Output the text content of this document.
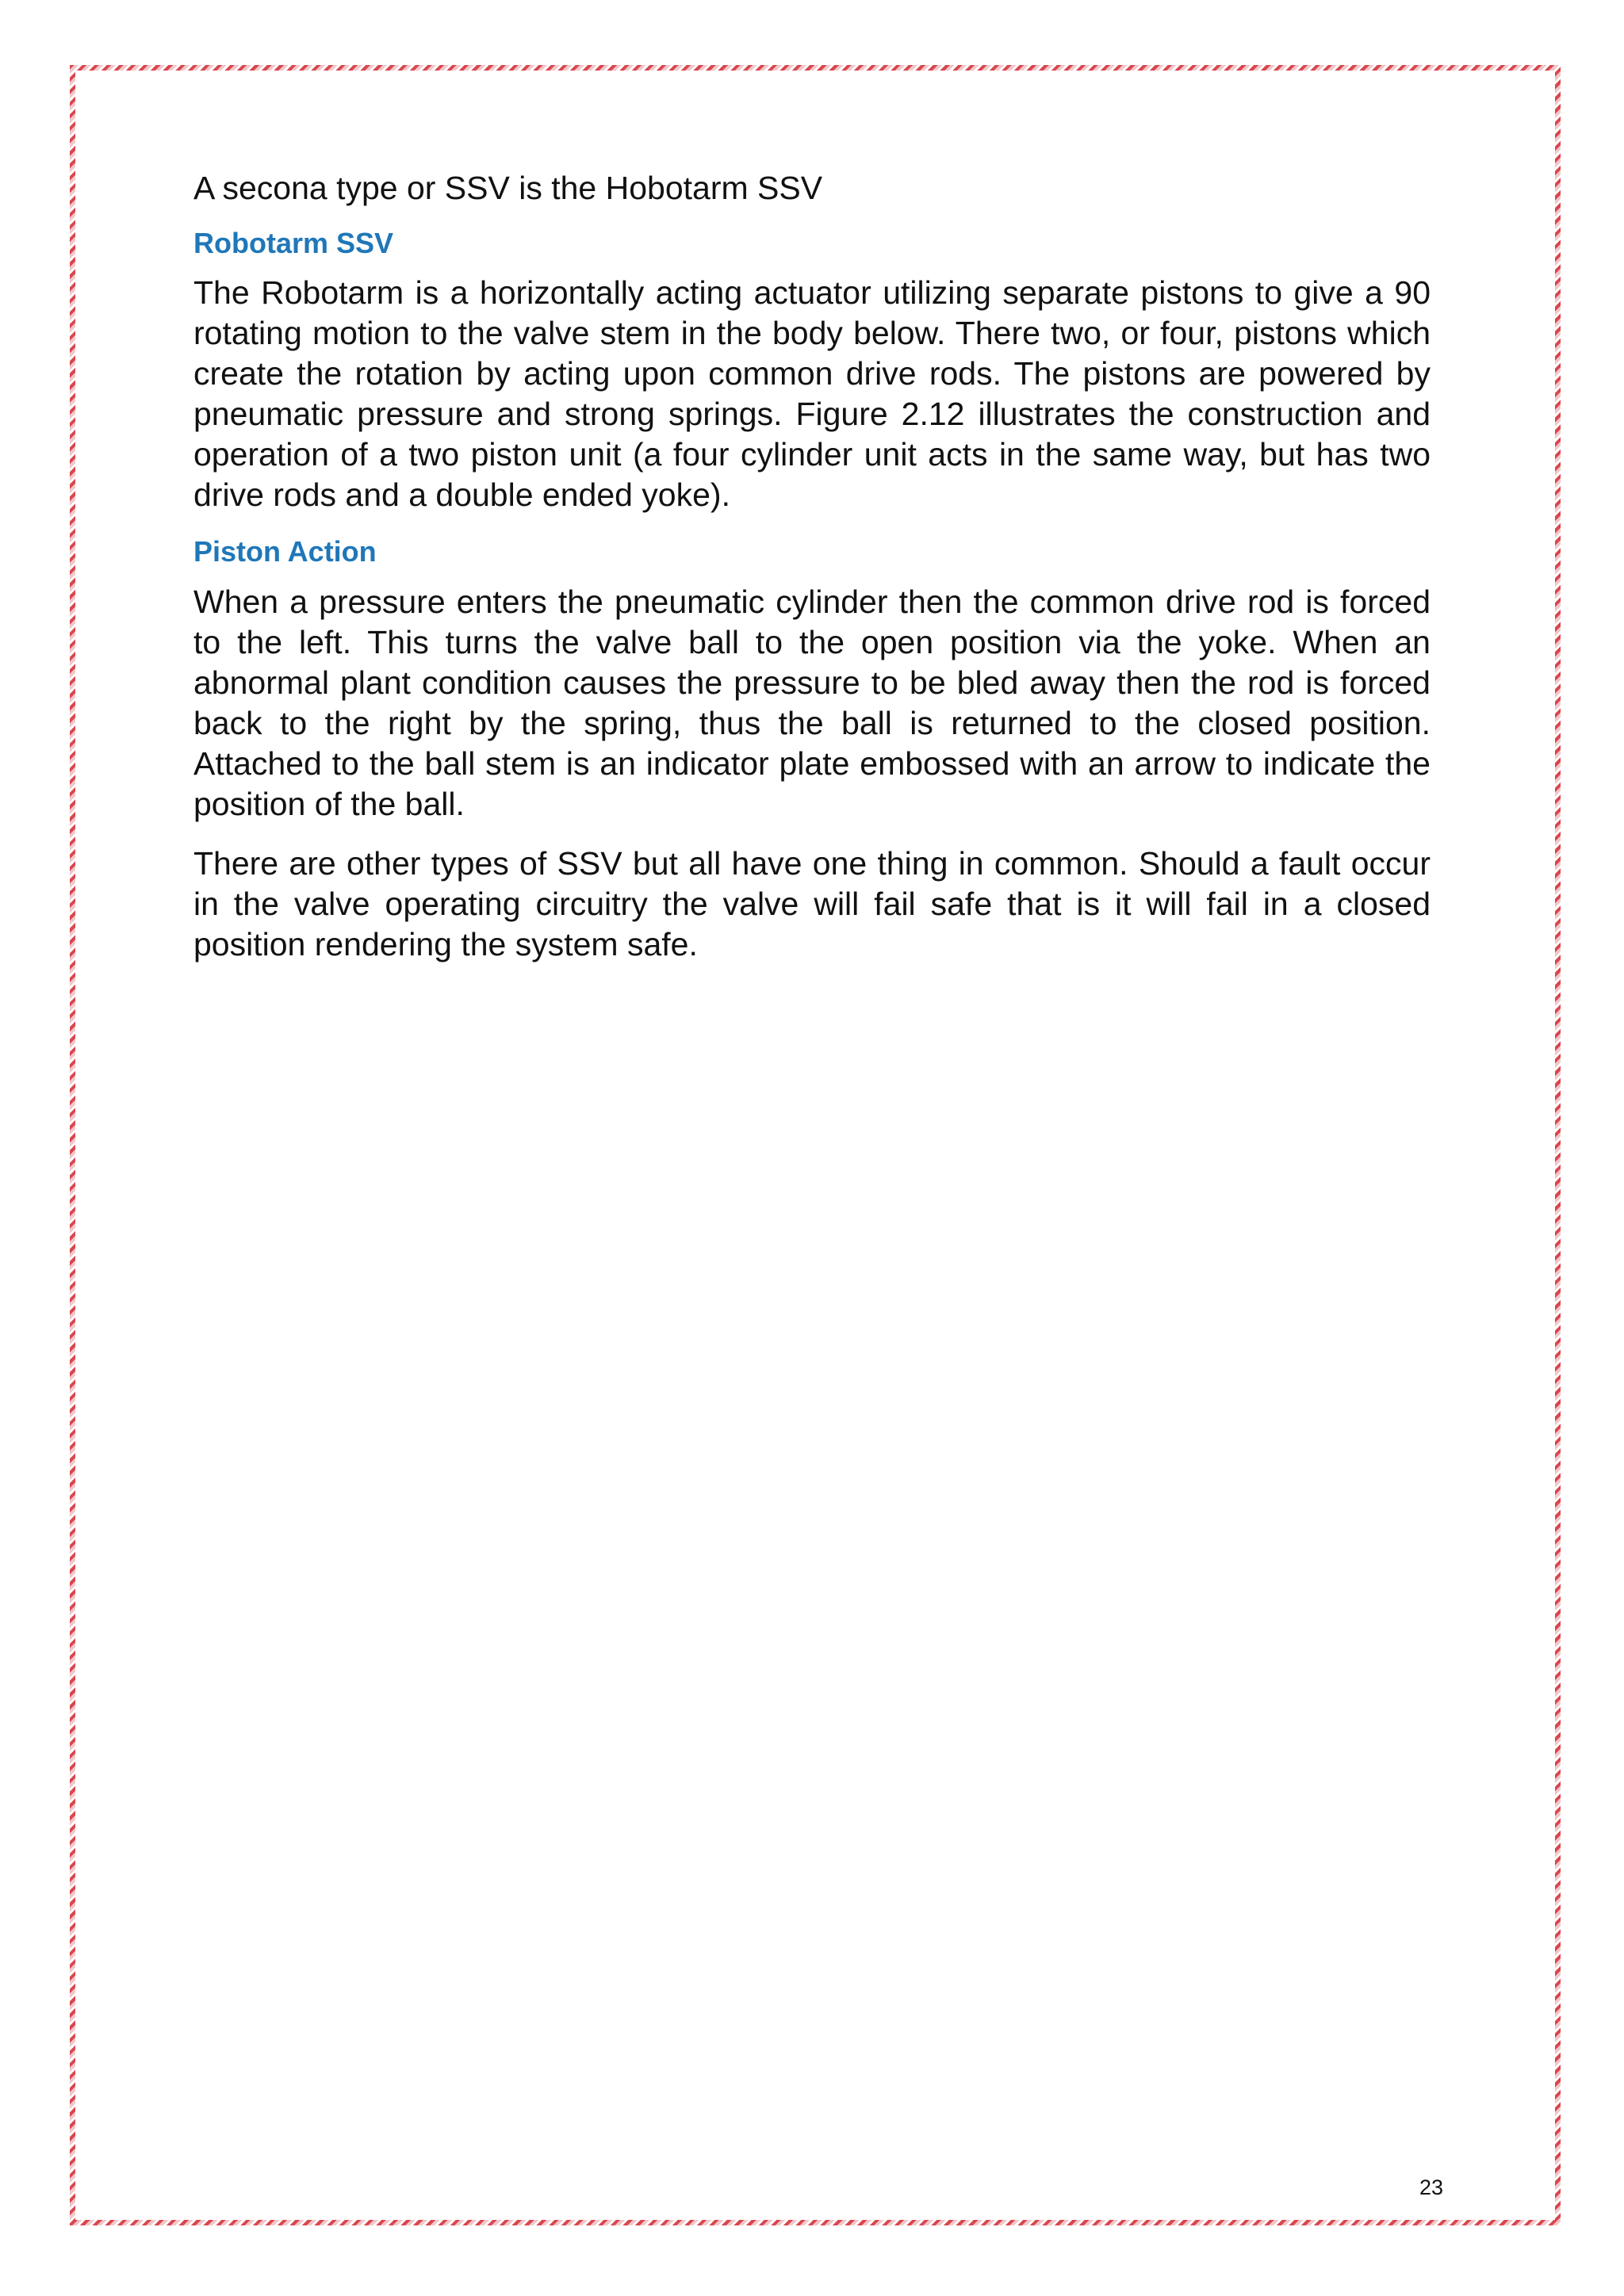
A secona type or SSV is the Hobotarm SSV

Robotarm SSV

The Robotarm is a horizontally acting actuator utilizing separate pistons to give a 90 rotating motion to the valve stem in the body below. There two, or four, pistons which create the rotation by acting upon common drive rods. The pistons are powered by pneumatic pressure and strong springs. Figure 2.12 illustrates the construction and operation of a two piston unit (a four cylinder unit acts in the same way, but has two drive rods and a double ended yoke).

Piston Action

When a pressure enters the pneumatic cylinder then the common drive rod is forced to the left. This turns the valve ball to the open position via the yoke. When an abnormal plant condition causes the pressure to be bled away then the rod is forced back to the right by the spring, thus the ball is returned to the closed position. Attached to the ball stem is an indicator plate embossed with an arrow to indicate the position of the ball.

There are other types of SSV but all have one thing in common. Should a fault occur in the valve operating circuitry the valve will fail safe that is it will fail in a closed position rendering the system safe.

23
